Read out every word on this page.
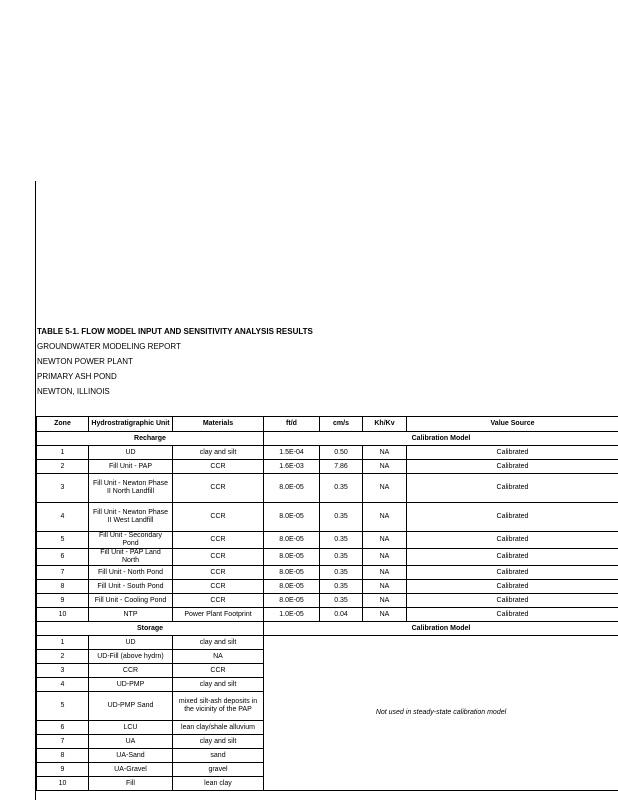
TABLE 5-1. FLOW MODEL INPUT AND SENSITIVITY ANALYSIS RESULTS
GROUNDWATER MODELING REPORT
NEWTON POWER PLANT
PRIMARY ASH POND
NEWTON, ILLINOIS
Zone	Hydrostratigraphic Unit	Materials	ft/d	cm/s	Kh/Kv	Value Source
Recharge			Calibration Model			
1	UD	clay and silt	1.5E-04	0.50	NA	Calibrated
2	Fill Unit - PAP	CCR	1.6E-03	7.86	NA	Calibrated
3	Fill Unit - Newton Phase II North Landfill	CCR	8.0E-05	0.35	NA	Calibrated
4	Fill Unit - Newton Phase II West Landfill	CCR	8.0E-05	0.35	NA	Calibrated
5	Fill Unit - Secondary Pond	CCR	8.0E-05	0.35	NA	Calibrated
6	Fill Unit - PAP Land North	CCR	8.0E-05	0.35	NA	Calibrated
7	Fill Unit - North Pond	CCR	8.0E-05	0.35	NA	Calibrated
8	Fill Unit - South Pond	CCR	8.0E-05	0.35	NA	Calibrated
9	Fill Unit - Cooling Pond	CCR	8.0E-05	0.35	NA	Calibrated
10	NTP	Power Plant Footprint	1.0E-05	0.04	NA	Calibrated
Storage			Calibration Model			
1	UD	clay and silt	Not used in steady-state calibration model			
2	UD-Fill (above hydrn)	NA				
3	CCR	CCR				
4	UD-PMP	clay and silt				
5	UD-PMP Sand	mixed silt-ash deposits in the vicinity of the PAP				
6	LCU	lean clay/shale alluvium				
7	UA	clay and silt				
8	UA-Sand	sand				
9	UA-Gravel	gravel				
10	Fill	lean clay				
